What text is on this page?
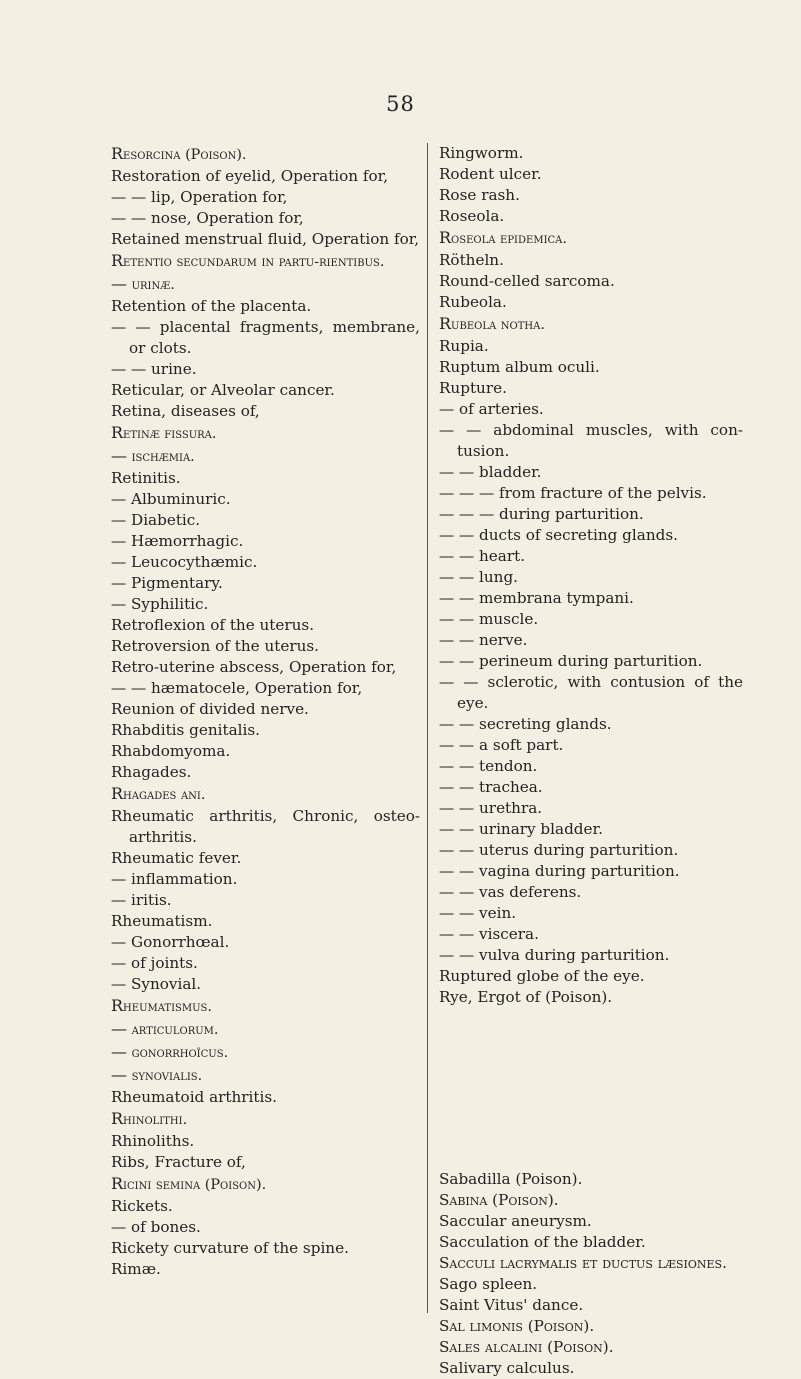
58
Resorcina (Poison).
Restoration of eyelid, Operation for,
— — lip, Operation for,
— — nose, Operation for,
Retained menstrual fluid, Operation for,
Retentio secundarum in partu-rientibus.
— urinæ.
Retention of the placenta.
— — placental fragments, membrane, or clots.
— — urine.
Reticular, or Alveolar cancer.
Retina, diseases of,
Retinæ fissura.
— ischæmia.
Retinitis.
— Albuminuric.
— Diabetic.
— Hæmorrhagic.
— Leucocythæmic.
— Pigmentary.
— Syphilitic.
Retroflexion of the uterus.
Retroversion of the uterus.
Retro-uterine abscess, Operation for,
— — hæmatocele, Operation for,
Reunion of divided nerve.
Rhabditis genitalis.
Rhabdomyoma.
Rhagades.
Rhagades ani.
Rheumatic arthritis, Chronic, osteo-arthritis.
Rheumatic fever.
— inflammation.
— iritis.
Rheumatism.
— Gonorrhœal.
— of joints.
— Synovial.
Rheumatismus.
— articulorum.
— gonorrhoïcus.
— synovialis.
Rheumatoid arthritis.
Rhinolithi.
Rhinoliths.
Ribs, Fracture of,
Ricini semina (Poison).
Rickets.
— of bones.
Rickety curvature of the spine.
Rimæ.
Ringworm.
Rodent ulcer.
Rose rash.
Roseola.
Roseola epidemica.
Rötheln.
Round-celled sarcoma.
Rubeola.
Rubeola notha.
Rupia.
Ruptum album oculi.
Rupture.
— of arteries.
— — abdominal muscles, with con-tusion.
— — bladder.
— — — from fracture of the pelvis.
— — — during parturition.
— — ducts of secreting glands.
— — heart.
— — lung.
— — membrana tympani.
— — muscle.
— — nerve.
— — perineum during parturition.
— — sclerotic, with contusion of the eye.
— — secreting glands.
— — a soft part.
— — tendon.
— — trachea.
— — urethra.
— — urinary bladder.
— — uterus during parturition.
— — vagina during parturition.
— — vas deferens.
— — vein.
— — viscera.
— — vulva during parturition.
Ruptured globe of the eye.
Rye, Ergot of (Poison).
Sabadilla (Poison).
Sabina (Poison).
Saccular aneurysm.
Sacculation of the bladder.
Sacculi lacrymalis et ductus læsiones.
Sago spleen.
Saint Vitus' dance.
Sal limonis (Poison).
Sales alcalini (Poison).
Salivary calculus.
